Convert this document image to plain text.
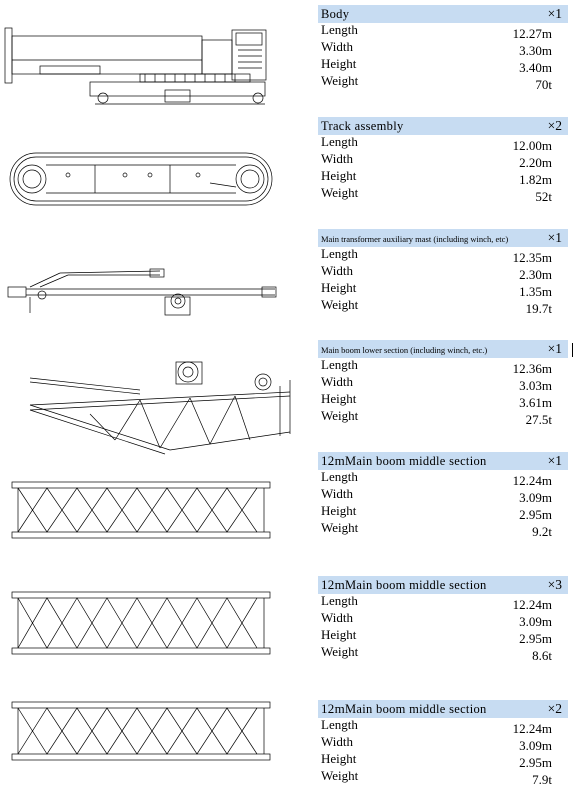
Body	×1
Length	12.27m
Width	3.30m
Height	3.40m
Weight	70t
Track assembly	×2
Length	12.00m
Width	2.20m
Height	1.82m
Weight	52t
Main transformer auxiliary mast (including winch, etc)	×1
Length	12.35m
Width	2.30m
Height	1.35m
Weight	19.7t
Main boom lower section (including winch, etc.)	×1
Length	12.36m
Width	3.03m
Height	3.61m
Weight	27.5t
12mMain boom middle section	×1
Length	12.24m
Width	3.09m
Height	2.95m
Weight	9.2t
12mMain boom middle section	×3
Length	12.24m
Width	3.09m
Height	2.95m
Weight	8.6t
12mMain boom middle section	×2
Length	12.24m
Width	3.09m
Height	2.95m
Weight	7.9t
